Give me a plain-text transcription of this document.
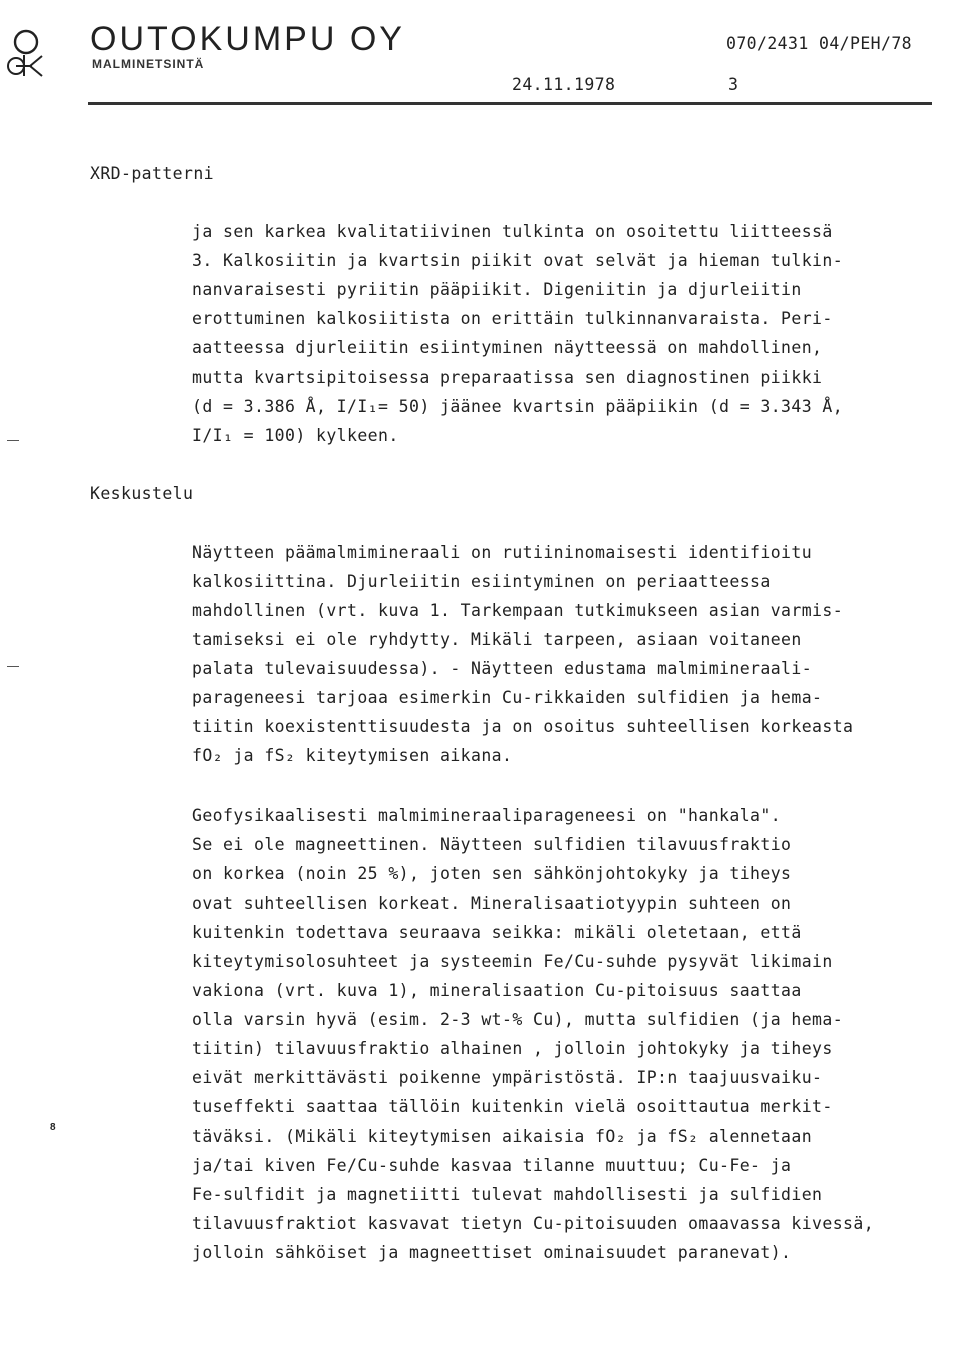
OUTOKUMPU OY
MALMINETSINTÄ
070/2431 04/PEH/78
24.11.1978	3
XRD-patterni
ja sen karkea kvalitatiivinen tulkinta on osoitettu liitteessä
3. Kalkosiitin ja kvartsin piikit ovat selvät ja hieman tulkin-
nanvaraisesti pyriitin pääpiikit. Digeniitin ja djurleiitin
erottuminen kalkosiitista on erittäin tulkinnanvaraista. Peri-
aatteessa djurleiitin esiintyminen näytteessä on mahdollinen,
mutta kvartsipitoisessa preparaatissa sen diagnostinen piikki
(d = 3.386 Å, I/I₁= 50) jäänee kvartsin pääpiikin (d = 3.343 Å,
I/I₁ = 100) kylkeen.
Keskustelu
Näytteen päämalmimineraali on rutiininomaisesti identifioitu
kalkosiittina. Djurleiitin esiintyminen on periaatteessa
mahdollinen (vrt. kuva 1. Tarkempaan tutkimukseen asian varmis-
tamiseksi ei ole ryhdytty. Mikäli tarpeen, asiaan voitaneen
palata tulevaisuudessa). - Näytteen edustama malmimineraali-
parageneesi tarjoaa esimerkin Cu-rikkaiden sulfidien ja hema-
tiitin koexistenttisuudesta ja on osoitus suhteellisen korkeasta
fO₂ ja fS₂ kiteytymisen aikana.
Geofysikaalisesti malmimineraaliparageneesi on "hankala".
Se ei ole magneettinen. Näytteen sulfidien tilavuusfraktio
on korkea (noin 25 %), joten sen sähkönjohtokyky ja tiheys
ovat suhteellisen korkeat. Mineralisaatiotyypin suhteen on
kuitenkin todettava seuraava seikka: mikäli oletetaan, että
kiteytymisolosuhteet ja systeemin Fe/Cu-suhde pysyvät likimain
vakiona (vrt. kuva 1), mineralisaation Cu-pitoisuus saattaa
olla varsin hyvä (esim. 2-3 wt-% Cu), mutta sulfidien (ja hema-
tiitin) tilavuusfraktio alhainen , jolloin johtokyky ja tiheys
eivät merkittävästi poikenne ympäristöstä. IP:n taajuusvaiku-
tuseffekti saattaa tällöin kuitenkin vielä osoittautua merkit-
täväksi. (Mikäli kiteytymisen aikaisia fO₂ ja fS₂ alennetaan
ja/tai kiven Fe/Cu-suhde kasvaa tilanne muuttuu; Cu-Fe- ja
Fe-sulfidit ja magnetiitti tulevat mahdollisesti ja sulfidien
tilavuusfraktiot kasvavat tietyn Cu-pitoisuuden omaavassa kivessä,
jolloin sähköiset ja magneettiset ominaisuudet paranevat).
8
